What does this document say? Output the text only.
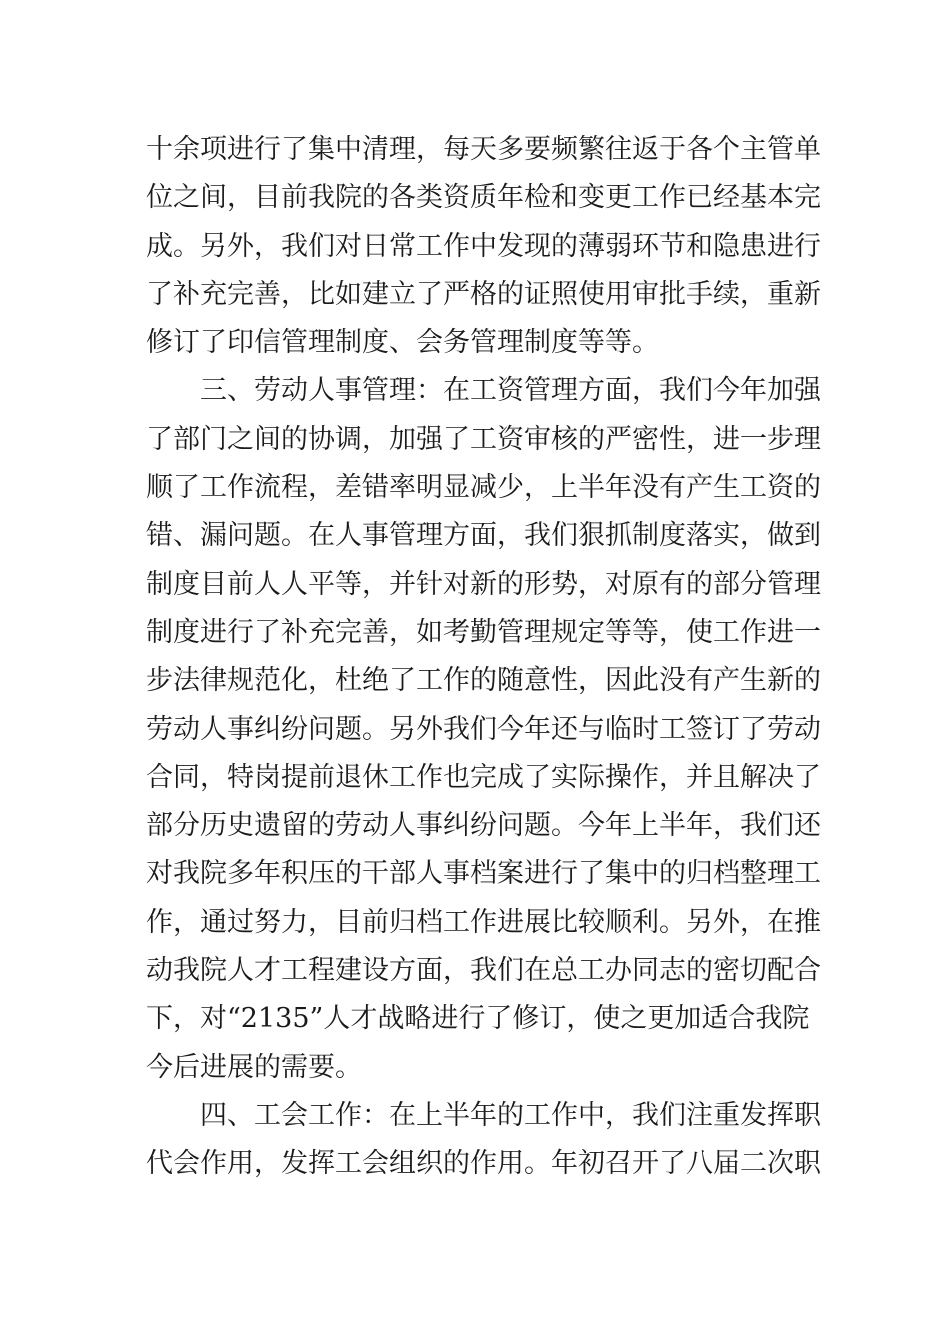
十余项进行了集中清理，每天多要频繁往返于各个主管单
位之间，目前我院的各类资质年检和变更工作已经基本完
成。另外，我们对日常工作中发现的薄弱环节和隐患进行
了补充完善，比如建立了严格的证照使用审批手续，重新
修订了印信管理制度、会务管理制度等等。
三、劳动人事管理：在工资管理方面，我们今年加强
了部门之间的协调，加强了工资审核的严密性，进一步理
顺了工作流程，差错率明显减少，上半年没有产生工资的
错、漏问题。在人事管理方面，我们狠抓制度落实，做到
制度目前人人平等，并针对新的形势，对原有的部分管理
制度进行了补充完善，如考勤管理规定等等，使工作进一
步法律规范化，杜绝了工作的随意性，因此没有产生新的
劳动人事纠纷问题。另外我们今年还与临时工签订了劳动
合同，特岗提前退休工作也完成了实际操作，并且解决了
部分历史遗留的劳动人事纠纷问题。今年上半年，我们还
对我院多年积压的干部人事档案进行了集中的归档整理工
作，通过努力，目前归档工作进展比较顺利。另外，在推
动我院人才工程建设方面，我们在总工办同志的密切配合
下，对“2135”人才战略进行了修订，使之更加适合我院
今后进展的需要。
四、工会工作：在上半年的工作中，我们注重发挥职
代会作用，发挥工会组织的作用。年初召开了八届二次职
